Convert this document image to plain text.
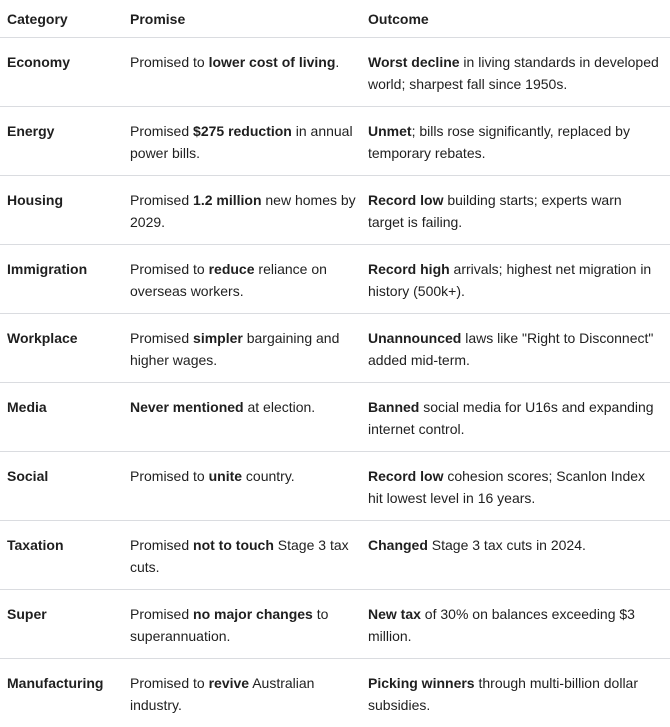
Category	Promise	Outcome
Economy	Promised to lower cost of living.	Worst decline in living standards in developed world; sharpest fall since 1950s.
Energy	Promised $275 reduction in annual power bills.	Unmet; bills rose significantly, replaced by temporary rebates.
Housing	Promised 1.2 million new homes by 2029.	Record low building starts; experts warn target is failing.
Immigration	Promised to reduce reliance on overseas workers.	Record high arrivals; highest net migration in history (500k+).
Workplace	Promised simpler bargaining and higher wages.	Unannounced laws like "Right to Disconnect" added mid-term.
Media	Never mentioned at election.	Banned social media for U16s and expanding internet control.
Social	Promised to unite country.	Record low cohesion scores; Scanlon Index hit lowest level in 16 years.
Taxation	Promised not to touch Stage 3 tax cuts.	Changed Stage 3 tax cuts in 2024.
Super	Promised no major changes to superannuation.	New tax of 30% on balances exceeding $3 million.
Manufacturing	Promised to revive Australian industry.	Picking winners through multi-billion dollar subsidies.
